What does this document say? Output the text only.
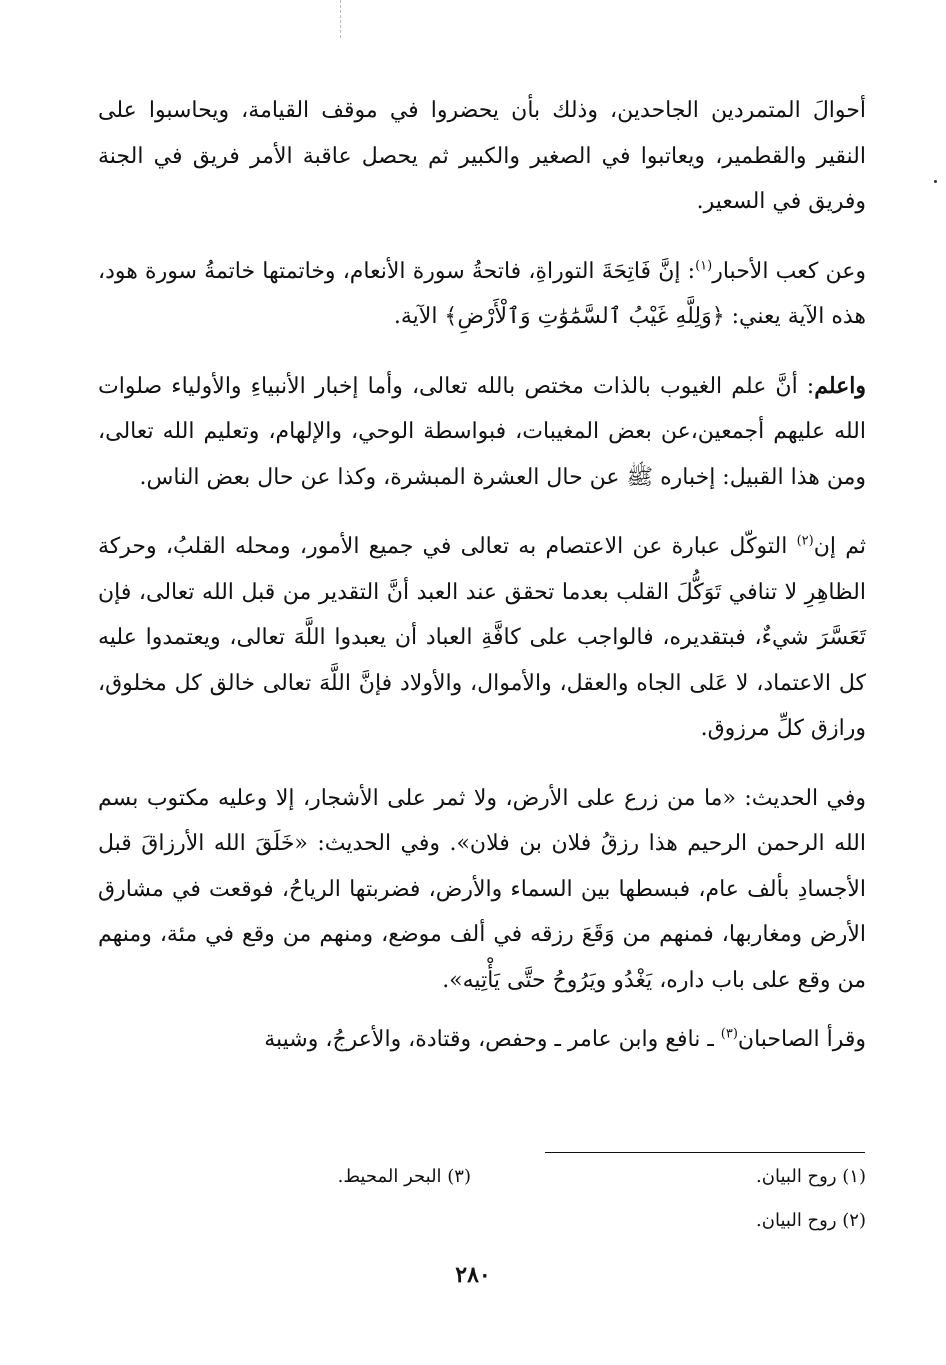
أحوالَ المتمردين الجاحدين، وذلك بأن يحضروا في موقف القيامة، ويحاسبوا على النقير والقطمير، ويعاتبوا في الصغير والكبير ثم يحصل عاقبة الأمر فريق في الجنة وفريق في السعير.

وعن كعب الأحبار$^{(١)}$: إنَّ فَاتِحَةَ التوراةِ، فاتحةُ سورة الأنعام، وخاتمتها خاتمةُ سورة هود، هذه الآية يعني: ﴿وَلِلَّهِ غَيْبُ ٱلسَّمَٰوَٰتِ وَٱلْأَرْضِ﴾ الآية.

واعلم: أنَّ علم الغيوب بالذات مختص بالله تعالى، وأما إخبار الأنبياءِ والأولياء صلوات الله عليهم أجمعين،عن بعض المغيبات، فبواسطة الوحي، والإلهام، وتعليم الله تعالى، ومن هذا القبيل: إخباره ﷺ عن حال العشرة المبشرة، وكذا عن حال بعض الناس.

ثم إن$^{(٢)}$ التوكّل عبارة عن الاعتصام به تعالى في جميع الأمور، ومحله القلبُ، وحركة الظاهِرِ لا تنافي تَوَكُّلَ القلب بعدما تحقق عند العبد أنَّ التقدير من قبل الله تعالى، فإن تَعَسَّرَ شيءٌ، فبتقديره، فالواجب على كافَّةِ العباد أن يعبدوا اللَّهَ تعالى، ويعتمدوا عليه كل الاعتماد، لا عَلى الجاه والعقل، والأموال، والأولاد فإنَّ اللَّهَ تعالى خالق كل مخلوق، ورازق كلِّ مرزوق.

وفي الحديث: «ما من زرع على الأرض، ولا ثمر على الأشجار، إلا وعليه مكتوب بسم الله الرحمن الرحيم هذا رزقُ فلان بن فلان». وفي الحديث: «خَلَقَ الله الأرزاقَ قبل الأجسادِ بألف عام، فبسطها بين السماء والأرض، فضربتها الرياحُ، فوقعت في مشارق الأرض ومغاربها، فمنهم من وَقَعَ رزقه في ألف موضع، ومنهم من وقع في مئة، ومنهم من وقع على باب داره، يَغْدُو ويَرُوحُ حتَّى يَأْتِيه».

وقرأ الصاحبان$^{(٣)}$ ـ نافع وابن عامر ـ وحفص، وقتادة، والأعرجُ، وشيبة

(١) روح البيان.
(٣) البحر المحيط.
(٢) روح البيان.
٢٨٠
